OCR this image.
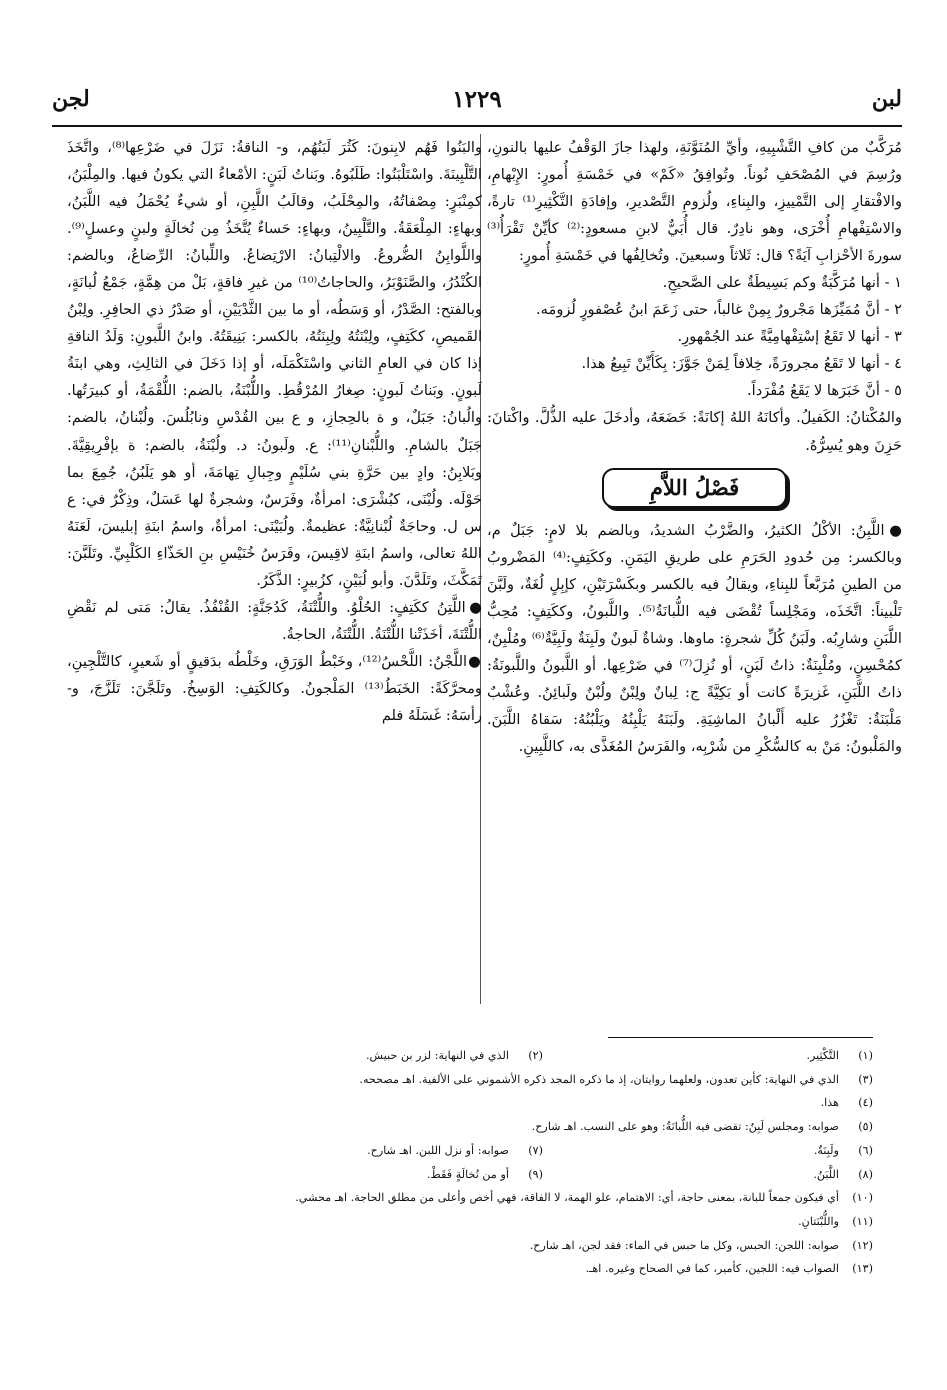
لبن
١٢٢٩
لجن

مُرَكَّبٌ من كافِ التَّشْبِيهِ، وأيِّ المُنَوَّنَةِ، ولهذا جازَ الوَقْفُ عليها بالنونِ، ورُسِمَ في المُصْحَفِ نُوناً. وتُوافِقُ «كَمْ» في خَمْسَةِ أُمورٍ: الإِبْهامِ، والافْتقارِ إلى التَّمْييزِ، والبِناءِ، ولُزومِ التَّصْديرِ، وإفادَةِ التَّكْثِيرِ⁽¹⁾ تارةً، والاسْتِفْهامِ أُخْرَى، وهو نادِرٌ. قال أُبَيٌّ لابنِ مسعودٍ:⁽²⁾ كأيِّنْ تَقْرَأُ⁽³⁾ سورةَ الأحْزابِ آيَةً؟ قال: ثَلاثاً وسبعينَ. وتُخالِفُها في خَمْسَةِ أُمورٍ:

١ - أنها مُرَكَّبَةٌ وكم بَسِيطَةٌ على الصَّحيحِ.

٢ - أنَّ مُمَيِّزَها مَجْرورٌ بِمِنْ غالباً، حتى زَعَمَ ابنُ عُصْفورٍ لُزومَه.

٣ - أنها لا تَقَعُ إسْتِفْهامِيَّةً عند الجُمْهورِ.

٤ - أنها لا تَقَعُ مجرورَةً، خِلافاً لِمَنْ جَوَّزَ: بِكَأَيِّنْ تَبِيعُ هذا.

٥ - أنَّ خَبَرَها لا يَقَعُ مُفْرَداً.

والمُكْتانُ: الكَفيلُ. وأكانَهُ اللهُ إكانَةً: خَضَعَهُ، وأدخَلَ عليه الذُّلَّ. واكْتانَ: حَزِنَ وهو يُسِرُّهُ.

فَصْلُ اللاَّمِ

●اللَّبِنُ: الأكْلُ الكثيرُ، والضَّرْبُ الشديدُ، وبالضم بلا لامٍ: جَبَلٌ م، وبالكسر: مِن حُدودِ الحَرَمِ على طريقِ اليَمَنِ. وككَتِفٍ:⁽⁴⁾ المَضْروبُ من الطينِ مُرَبَّعاً للبِناءِ، ويقالُ فيه بالكسر وبكَسْرَتَيْنِ، كإبِلٍ لُغَةٌ، ولَبَّنَ تَلْبيناً: اتَّخَذَه، ومَجْلِساً تُقْضَى فيه اللُّبانَةُ⁽⁵⁾. واللَّبونُ، وككَتِفٍ: مُحِبُّ اللَّبَنِ وشارِبُه. ولَبَنُ كُلِّ شجرةٍ: ماوها. وشاةٌ لَبونٌ ولَبِنَةٌ ولَبِيَّةٌ⁽⁶⁾ ومُلْبِنٌ، كمُحْسِنٍ، ومُلْبِنَةٌ: ذاتُ لَبَنٍ، أو نُزِلَ⁽⁷⁾ في ضَرْعِها. أو اللَّبونُ واللَّبونَةُ: ذاتُ اللَّبَنِ، غَزيرَةً كانت أو بَكِيَّةً ج: لِبانٌ ولِبْنٌ ولُبْنٌ ولَبائِنُ. وعُشْبٌ مَلْبَنَةٌ: تَغْزُرُ عليه أَلْبانُ الماشِيَةِ. ولَبَنَهُ يَلْبِنُهُ ويَلْبُنُهُ: سَقاهُ اللَّبَنَ. والمَلْبونُ: مَنْ به كالسُّكْرِ من شُرْبِه، والفَرَسُ المُغَذَّى به، كاللَّبِينِ.

والبَنُوا فَهُم لابِنونَ: كَثُرَ لَبَنُهُم، و- الناقةُ: نَزَلَ في ضَرْعِها⁽⁸⁾، واتَّخَذَ التَّلْبِينَةَ. واسْتَلْبَنُوا: طَلَبُوهُ. وبَناتُ لَبَنٍ: الأمْعاءُ التي يكونُ فيها. والمِلْبَنُ، كمِنْبَرٍ: مِصْفاتُهُ، والمِحْلَبُ، وقالَبُ اللَّبِنِ، أو شيءٌ يُحْمَلُ فيه اللَّبَنُ، وبهاءٍ: المِلْعَقَةُ. والتَّلْبِينُ، وبهاءٍ: حَساءٌ يُتَّخَذُ مِن نُخالَةٍ ولبنٍ وعسلٍ⁽⁹⁾. واللَّوابِنُ الضُّروعُ. والالْتِبانُ: الارْتِضاعُ. واللِّبانُ: الرِّضاعُ، وبالضم: الكُنْدُرُ، والصَّنَوْبَرُ، والحاجاتُ⁽¹⁰⁾ من غيرِ فاقةٍ، بَلْ من هِمَّةٍ، جَمْعُ لُبانَةٍ، وبالفتح: الصَّدْرُ، أو وَسَطُه، أو ما بين الثَّدْيَيْنِ، أو صَدْرُ ذي الحافِرِ. ولِبْنُ القَميصِ، ككَتِفٍ، ولِبْنَتُهُ ولِبِنَتُهُ، بالكسر: بَنِيقَتُهُ. وابنُ اللَّبونِ: وَلَدُ الناقةِ إذا كان في العامِ الثاني واسْتَكْمَلَه، أو إذا دَخَلَ في الثالِثِ، وهي ابنَةُ لَبونٍ. وبَناتُ لَبونٍ: صِغارُ المُرْقُطِ. واللُّبْنَةُ، بالضم: اللُّقْمَةُ، أو كبيرَتُها. والُبانُ: جَبَلٌ، و ة بالحِجازِ، و ع بين القُدْسِ ونابُلُسَ. ولُبْنانُ، بالضم: جَبَلٌ بالشامِ. واللُّبْنانِ⁽¹¹⁾: ع. ولَبونُ: د. ولُبْنَةُ، بالضم: ة بإفْرِيقِيَّةَ. وبَلابِنُ: وادٍ بين حَرَّةِ بني سُلَيْمٍ وجِبالِ تِهامَةَ، أو هو يَلَبُنُ، جُمِعَ بما حَوْلَه. ولُبْنَى، كبُشْرَى: امرأةٌ، وفَرَسٌ، وشجرةٌ لها عَسَلٌ، وذِكْرٌ في: ع س ل. وحاجَةٌ لُبْنانِيَّةٌ: عظيمةٌ. ولُبَيْنَى: امرأةٌ، واسمُ ابنَةِ إبليسَ، لَعَنَهُ اللهُ تعالى، واسمُ ابنَةِ لاقِيسَ، وفَرَسُ خُنَيْسِ بنِ الحَذّاءِ الكَلْبِيِّ. وتَلَبَّنَ: تَمَكَّثَ، وتَلَدَّنَ. وأبو لُبَيْنٍ، كزُبيرٍ: الذَّكَرُ.

●اللَّتِنُ ككَتِفٍ: الحُلْوُ. واللُّتْنَةُ، كَدُجَنَّةٍ: القُنْفُذُ. يقالُ: مَتى لم نَقْضِ اللُّتْنَةَ، أخَذَتْنا اللُّتْنَةُ. اللُّتْنَةُ، الحاجةُ.

●اللَّجْنُ: اللَّحْسُ⁽¹²⁾، وخَبْطُ الوَرَقِ، وخَلْطُه بدَقيقٍ أو شَعيرٍ، كالتَّلْجِينِ، ومحرَّكَةً: الخَبَطُ⁽¹³⁾ المَلْجونُ. وكالكَتِفِ: الوَسِخُ. وتَلَجَّنَ: تَلَزَّجَ، و- رأسَهُ: غَسَلَهُ فلم

(١)التَّكْثِير.
(٢)الذي في النهاية: لزر بن حبيش.
(٣)
الذي في النهاية: كأين تعدون، ولعلهما روايتان، إذ ما ذكره المجد ذكره الأشموني على الألفية. اهـ مصححه.
(٤)
هذا.
(٥)
صوابه: ومجلس لَبِنٌ: تقضى فيه اللُّبانَةُ: وهو على النسب. اهـ شارح.
(٦)ولَبِنَةٌ.
(٧)صوابه: أو نزل اللبن. اهـ شارح.
(٨)اللَّبَنُ.
(٩)أو من نُخالَةٍ فَقَطْ.
(١٠)
أي فيكون جمعاً للبانة، بمعنى حاجة، أي: الاهتمام، علو الهمة، لا الفاقة، فهي أخص وأعلى من مطلق الحاجة. اهـ محشي.
(١١)
واللُّبْنَتانِ.
(١٢)
صوابه: اللجن: الحبس، وكل ما حبس في الماء: فقد لجن، اهـ شارح.
(١٣)
الصواب فيه: اللجين، كأمير، كما في الصحاح وغيره. اهـ.
